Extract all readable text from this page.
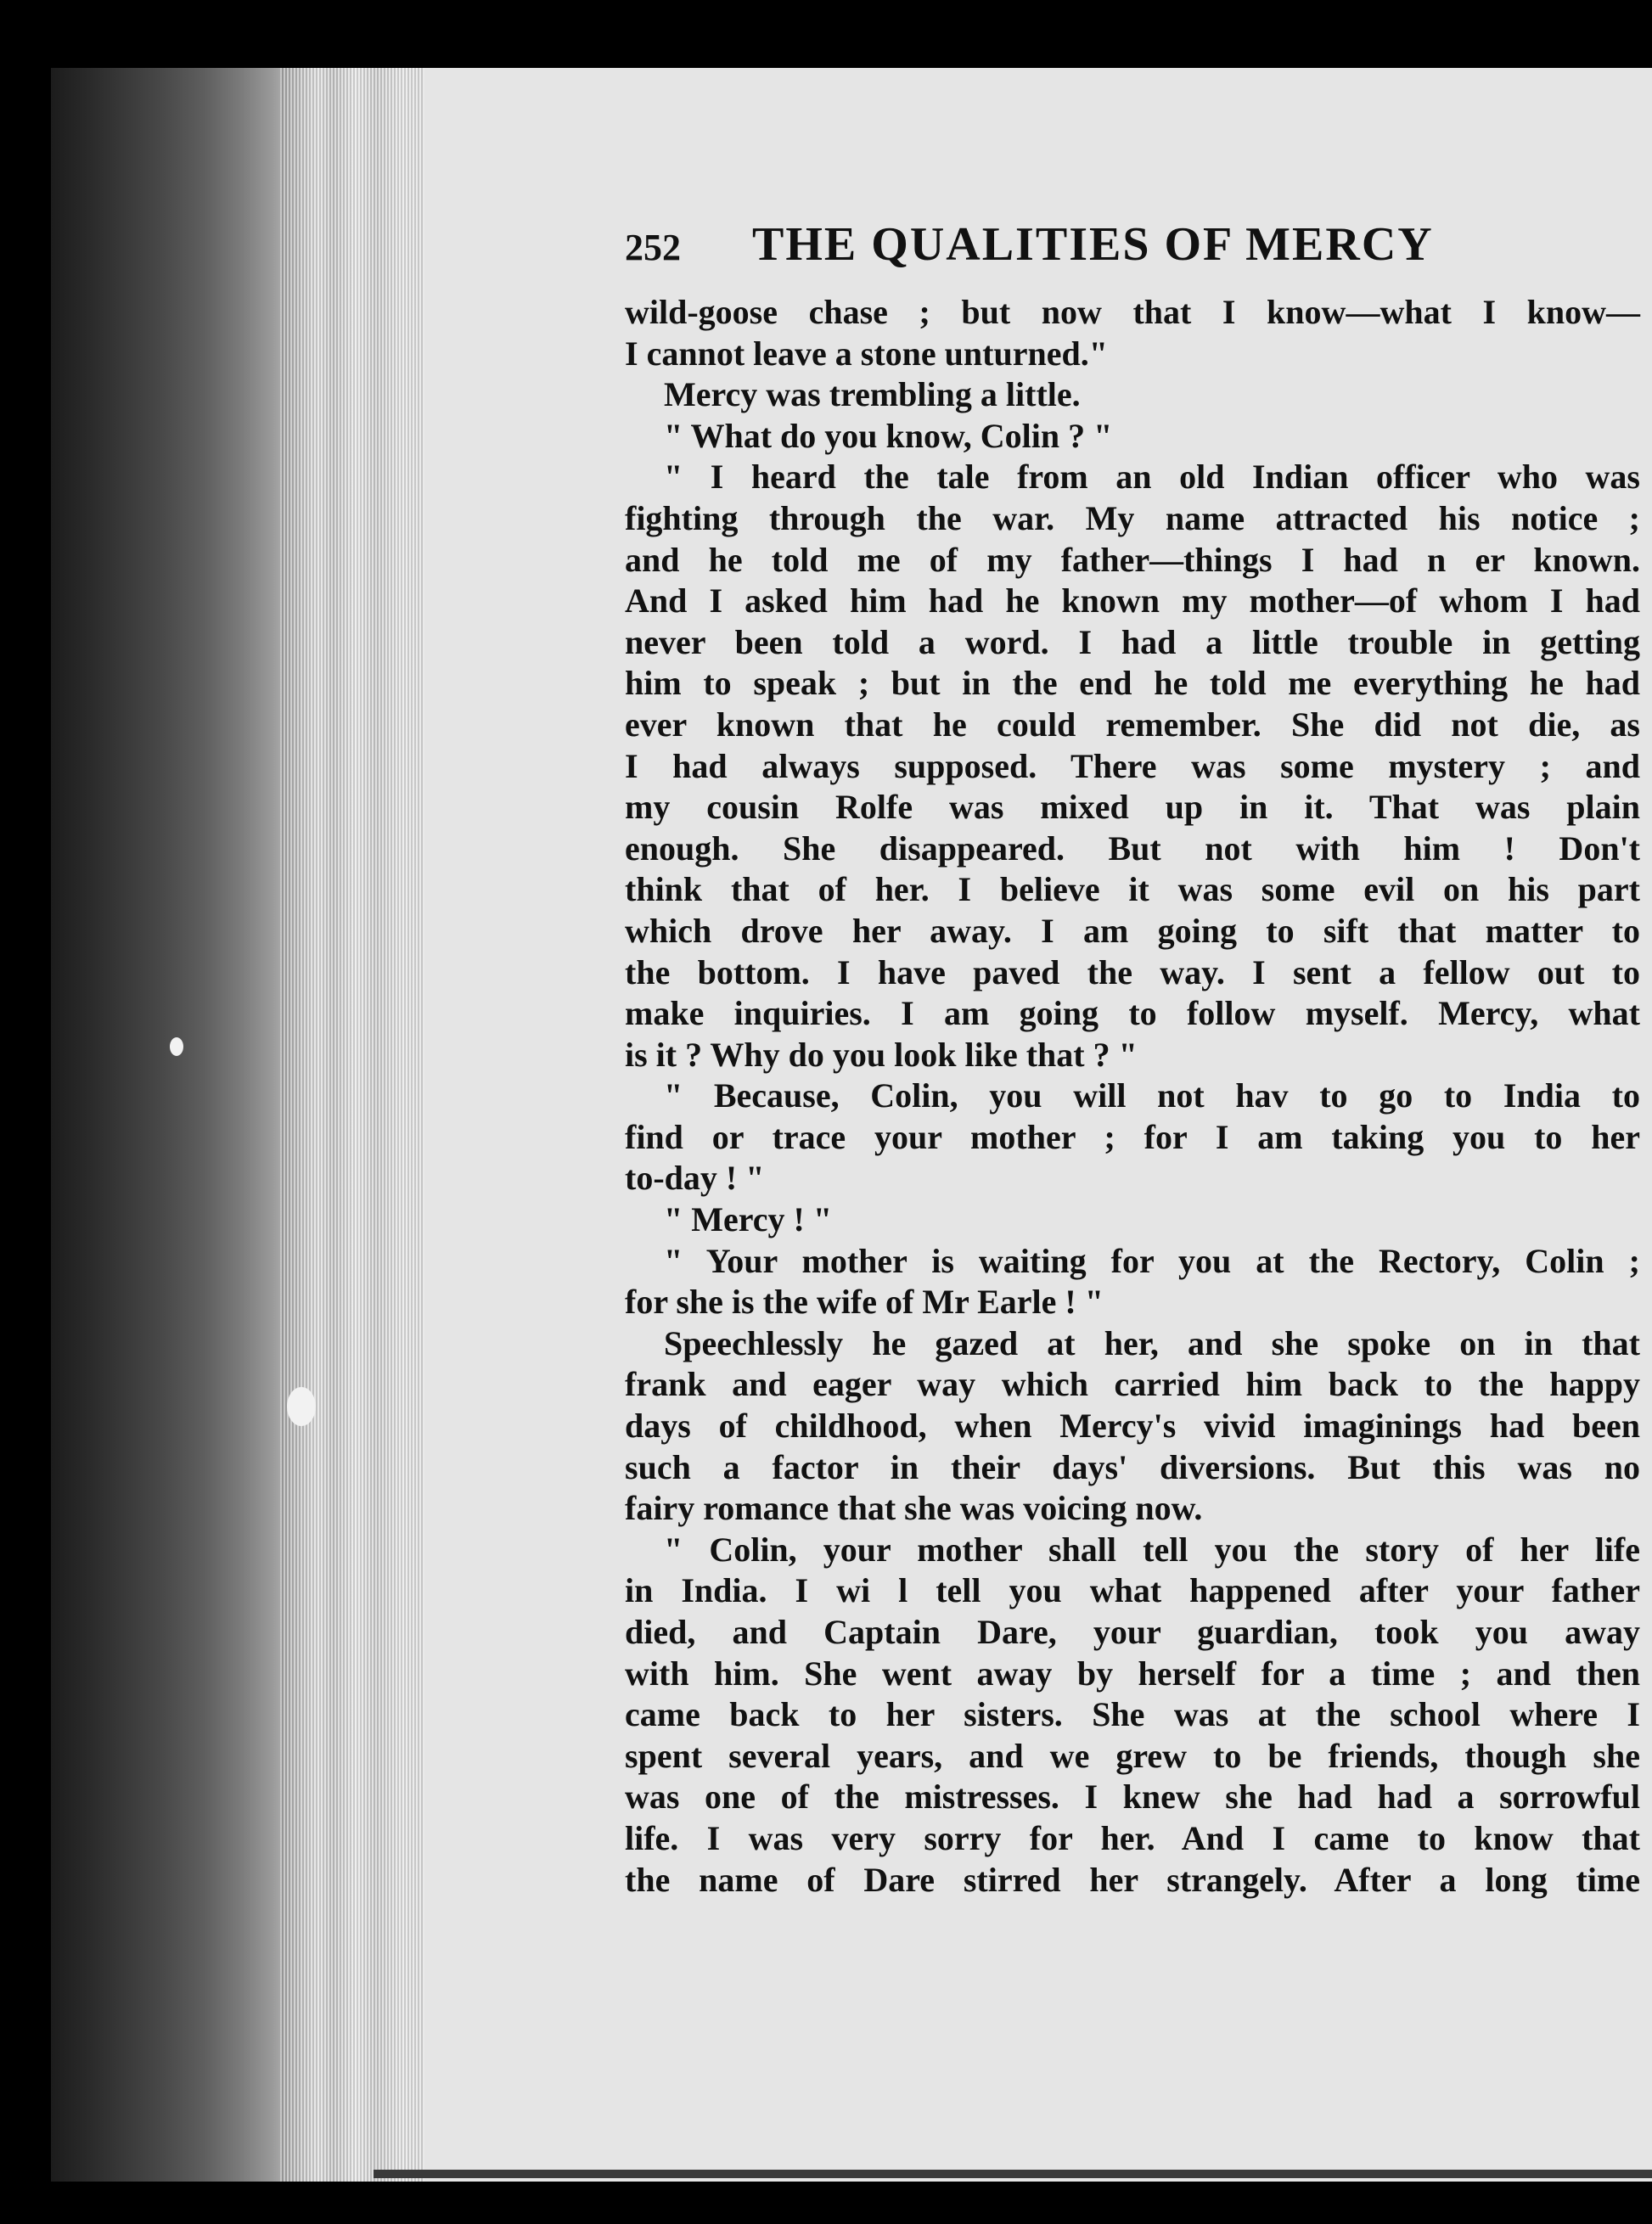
252	THE QUALITIES OF MERCY
wild-goose chase ; but now that I know—what I know—
I cannot leave a stone unturned."
Mercy was trembling a little.
" What do you know, Colin ? "
" I heard the tale from an old Indian officer who was
fighting through the war. My name attracted his notice ;
and he told me of my father—things I had n er known.
And I asked him had he known my mother—of whom I had
never been told a word. I had a little trouble in getting
him to speak ; but in the end he told me everything he had
ever known that he could remember. She did not die, as
I had always supposed. There was some mystery ; and
my cousin Rolfe was mixed up in it. That was plain
enough. She disappeared. But not with him ! Don't
think that of her. I believe it was some evil on his part
which drove her away. I am going to sift that matter to
the bottom. I have paved the way. I sent a fellow out to
make inquiries. I am going to follow myself. Mercy, what
is it ? Why do you look like that ? "
" Because, Colin, you will not hav to go to India to
find or trace your mother ; for I am taking you to her
to-day ! "
" Mercy ! "
" Your mother is waiting for you at the Rectory, Colin ;
for she is the wife of Mr Earle ! "
Speechlessly he gazed at her, and she spoke on in that
frank and eager way which carried him back to the happy
days of childhood, when Mercy's vivid imaginings had been
such a factor in their days' diversions. But this was no
fairy romance that she was voicing now.
" Colin, your mother shall tell you the story of her life
in India. I wi l tell you what happened after your father
died, and Captain Dare, your guardian, took you away
with him. She went away by herself for a time ; and then
came back to her sisters. She was at the school where I
spent several years, and we grew to be friends, though she
was one of the mistresses. I knew she had had a sorrowful
life. I was very sorry for her. And I came to know that
the name of Dare stirred her strangely. After a long time
